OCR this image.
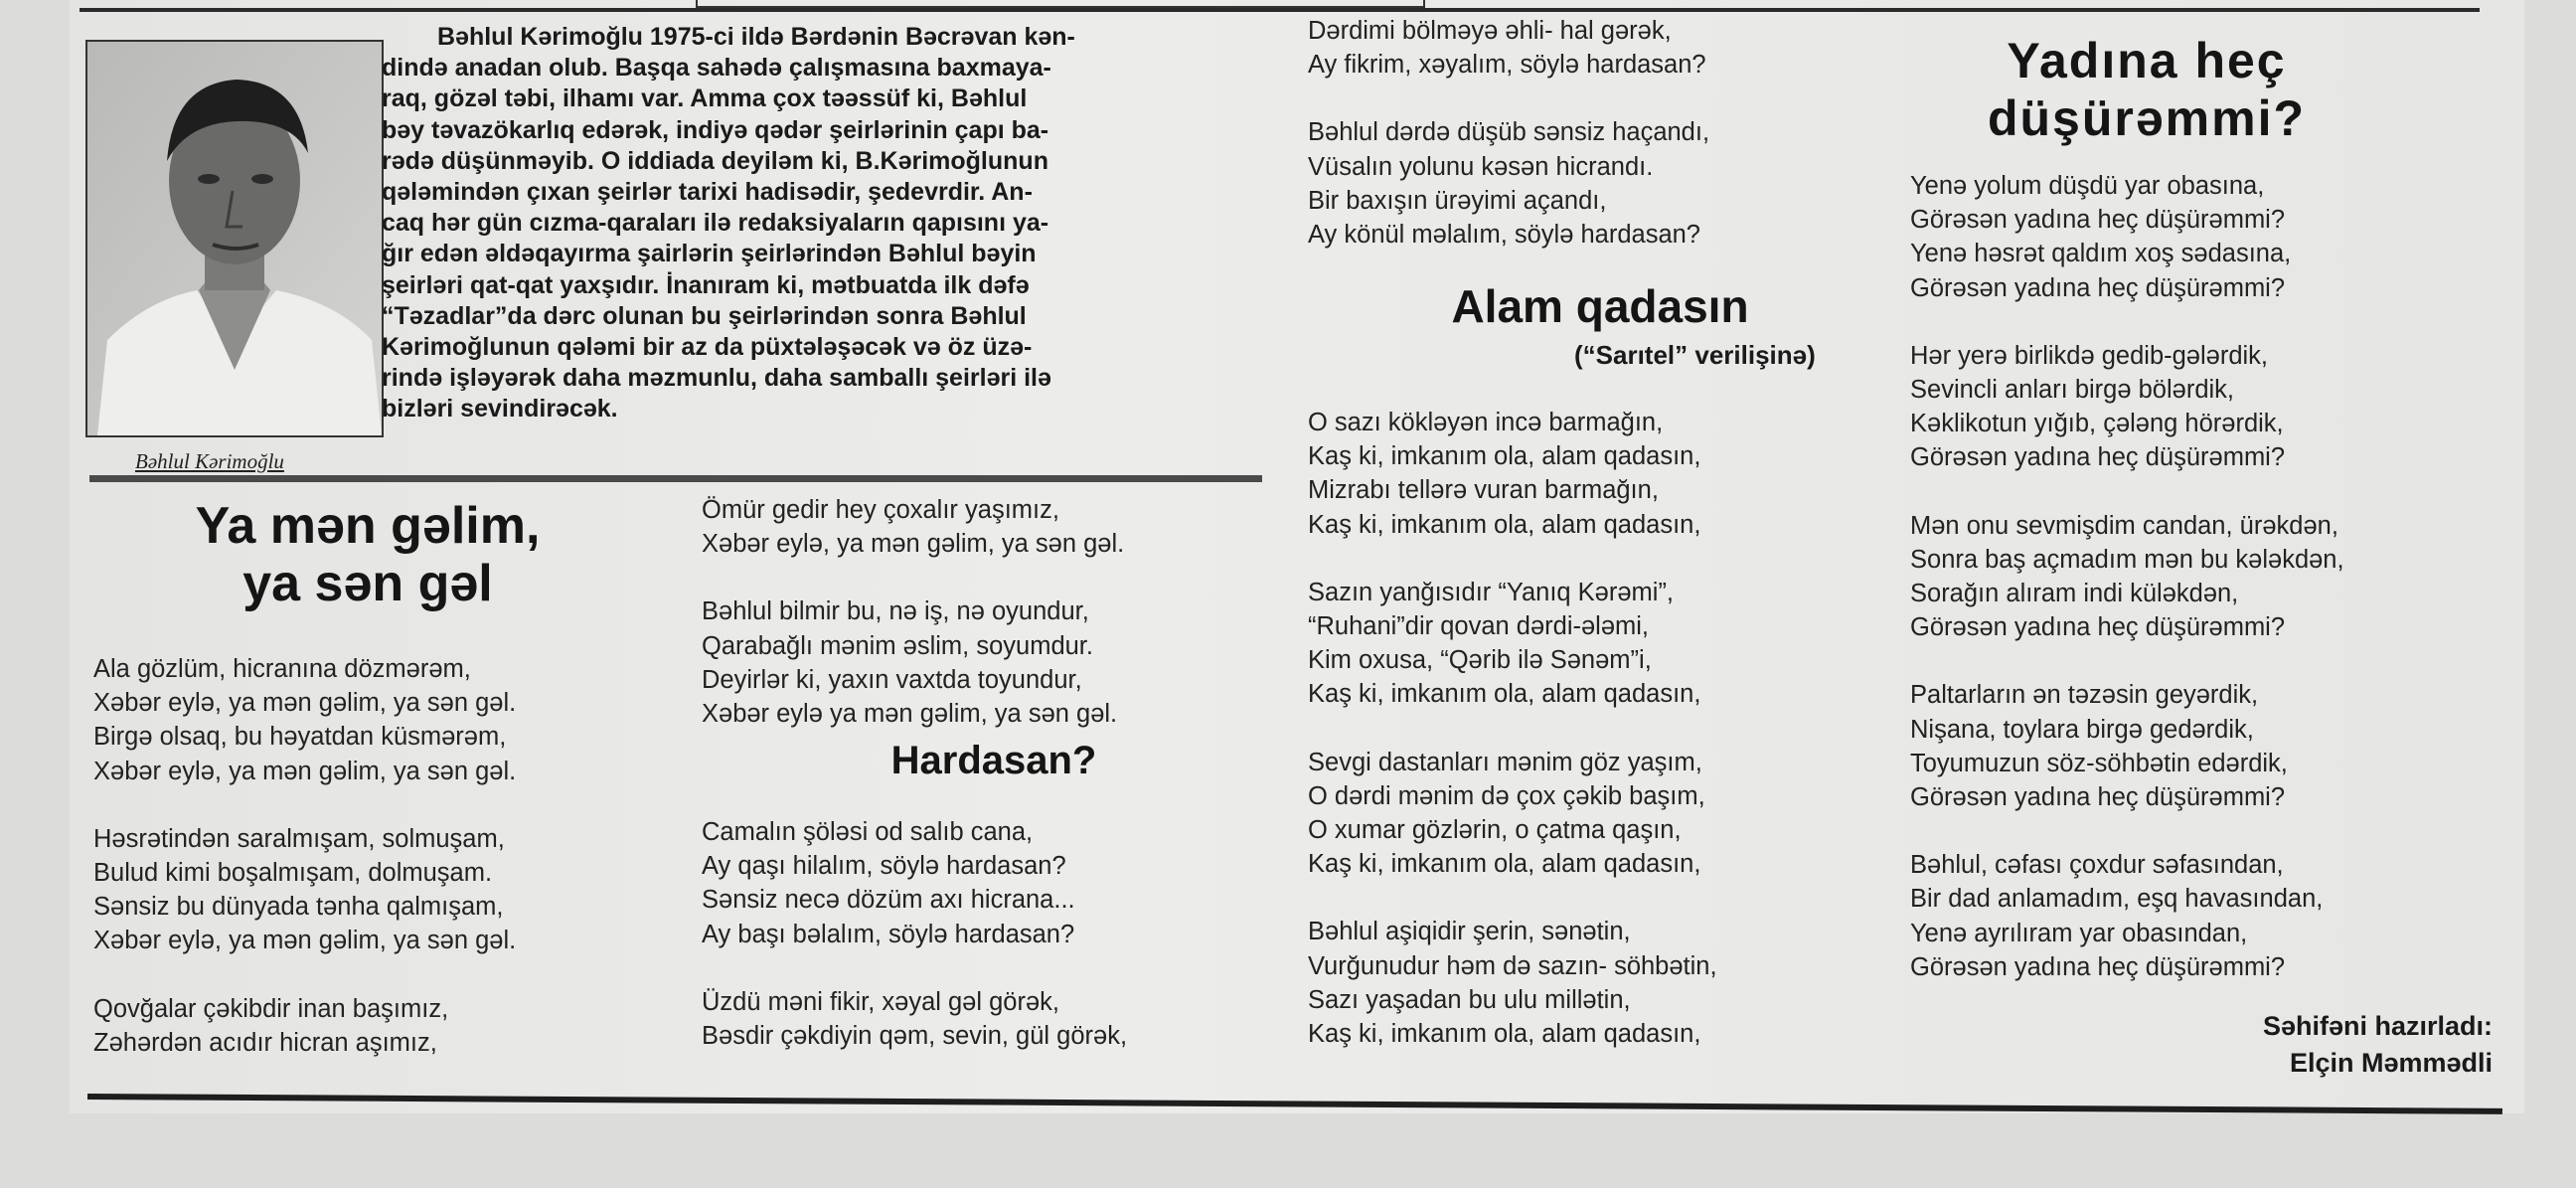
Bəhlul Kərimoğlu
Bəhlul Kərimoğlu 1975-ci ildə Bərdənin Bəcrəvan kən-
dində anadan olub. Başqa sahədə çalışmasına baxmaya-
raq, gözəl təbi, ilhamı var. Amma çox təəssüf ki, Bəhlul
bəy təvazökarlıq edərək, indiyə qədər şeirlərinin çapı ba-
rədə düşünməyib. O iddiada deyiləm ki, B.Kərimoğlunun
qələmindən çıxan şeirlər tarixi hadisədir, şedevrdir. An-
caq hər gün cızma-qaraları ilə redaksiyaların qapısını ya-
ğır edən əldəqayırma şairlərin şeirlərindən Bəhlul bəyin
şeirləri qat-qat yaxşıdır. İnanıram ki, mətbuatda ilk dəfə
“Təzadlar”da dərc olunan bu şeirlərindən sonra Bəhlul
Kərimoğlunun qələmi bir az da püxtələşəcək və öz üzə-
rində işləyərək daha məzmunlu, daha samballı şeirləri ilə
bizləri sevindirəcək.
Ya mən gəlim,
ya sən gəl
Ala gözlüm, hicranına dözmərəm,
Xəbər eylə, ya mən gəlim, ya sən gəl.
Birgə olsaq, bu həyatdan küsmərəm,
Xəbər eylə, ya mən gəlim, ya sən gəl.
Həsrətindən saralmışam, solmuşam,
Bulud kimi boşalmışam, dolmuşam.
Sənsiz bu dünyada tənha qalmışam,
Xəbər eylə, ya mən gəlim, ya sən gəl.
Qovğalar çəkibdir inan başımız,
Zəhərdən acıdır hicran aşımız,
Ömür gedir hey çoxalır yaşımız,
Xəbər eylə, ya mən gəlim, ya sən gəl.
Bəhlul bilmir bu, nə iş, nə oyundur,
Qarabağlı mənim əslim, soyumdur.
Deyirlər ki, yaxın vaxtda toyundur,
Xəbər eylə ya mən gəlim, ya sən gəl.
Hardasan?
Camalın şöləsi od salıb cana,
Ay qaşı hilalım, söylə hardasan?
Sənsiz necə dözüm axı hicrana...
Ay başı bəlalım, söylə hardasan?
Üzdü məni fikir, xəyal gəl görək,
Bəsdir çəkdiyin qəm, sevin, gül görək,
Dərdimi bölməyə əhli- hal gərək,
Ay fikrim, xəyalım, söylə hardasan?
Bəhlul dərdə düşüb sənsiz haçandı,
Vüsalın yolunu kəsən hicrandı.
Bir baxışın ürəyimi açandı,
Ay könül məlalım, söylə hardasan?
Alam qadasın
(“Sarıtel” verilişinə)
O sazı kökləyən incə barmağın,
Kaş ki, imkanım ola, alam qadasın,
Mizrabı tellərə vuran barmağın,
Kaş ki, imkanım ola, alam qadasın,
Sazın yanğısıdır “Yanıq Kərəmi”,
“Ruhani”dir qovan dərdi-ələmi,
Kim oxusa, “Qərib ilə Sənəm”i,
Kaş ki, imkanım ola, alam qadasın,
Sevgi dastanları mənim göz yaşım,
O dərdi mənim də çox çəkib başım,
O xumar gözlərin, o çatma qaşın,
Kaş ki, imkanım ola, alam qadasın,
Bəhlul aşiqidir şerin, sənətin,
Vurğunudur həm də sazın- söhbətin,
Sazı yaşadan bu ulu millətin,
Kaş ki, imkanım ola, alam qadasın,
Yadına heç
düşürəmmi?
Yenə yolum düşdü yar obasına,
Görəsən yadına heç düşürəmmi?
Yenə həsrət qaldım xoş sədasına,
Görəsən yadına heç düşürəmmi?
Hər yerə birlikdə gedib-gələrdik,
Sevincli anları birgə bölərdik,
Kəklikotun yığıb, çələng hörərdik,
Görəsən yadına heç düşürəmmi?
Mən onu sevmişdim candan, ürəkdən,
Sonra baş açmadım mən bu kələkdən,
Sorağın alıram indi küləkdən,
Görəsən yadına heç düşürəmmi?
Paltarların ən təzəsin geyərdik,
Nişana, toylara birgə gedərdik,
Toyumuzun söz-söhbətin edərdik,
Görəsən yadına heç düşürəmmi?
Bəhlul, cəfası çoxdur səfasından,
Bir dad anlamadım, eşq havasından,
Yenə ayrılıram yar obasından,
Görəsən yadına heç düşürəmmi?
Səhifəni hazırladı:
Elçin Məmmədli
